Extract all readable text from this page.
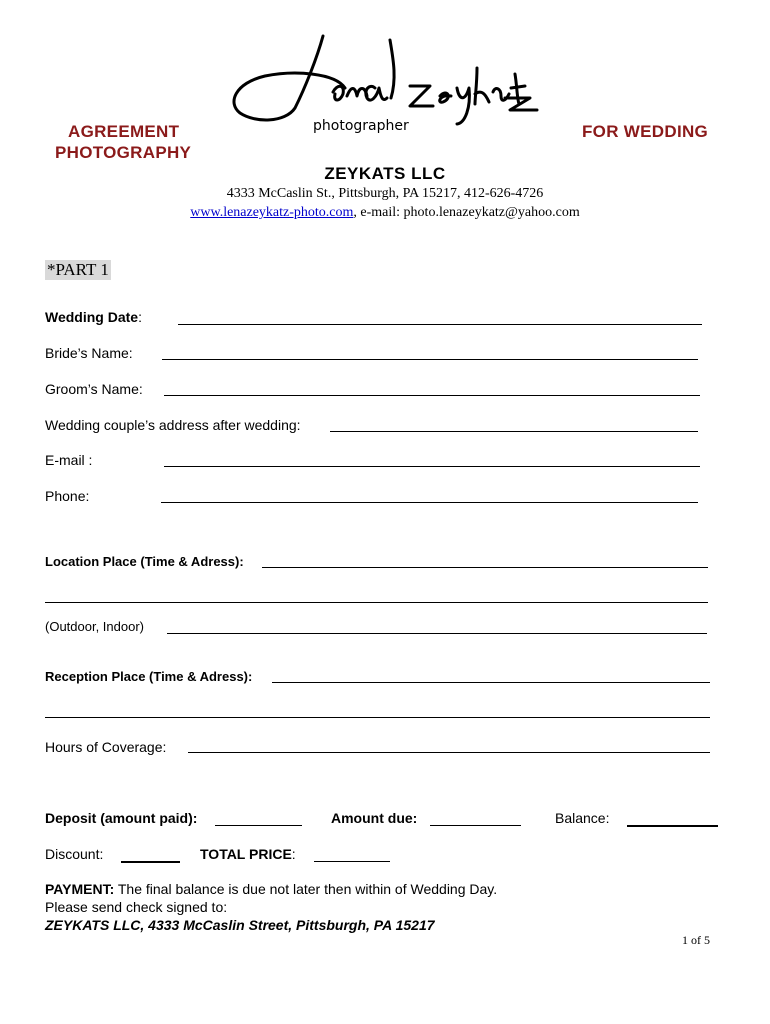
photographer
AGREEMENT
PHOTOGRAPHY
FOR WEDDING
ZEYKATS LLC
4333 McCaslin St., Pittsburgh, PA 15217, 412-626-4726
www.lenazeykatz-photo.com, e-mail: photo.lenazeykatz@yahoo.com
*PART 1
Wedding Date:
Bride’s Name:
Groom’s Name:
Wedding couple’s address after wedding:
E-mail :
Phone:
Location Place (Time & Adress):
(Outdoor, Indoor)
Reception Place (Time & Adress):
Hours of Coverage:
Deposit (amount paid):	Amount due:	Balance:
Discount:	TOTAL PRICE:
PAYMENT: The final balance is due not later then within of Wedding Day.
Please send check signed to:
ZEYKATS LLC, 4333 McCaslin Street, Pittsburgh, PA 15217
1 of 5
